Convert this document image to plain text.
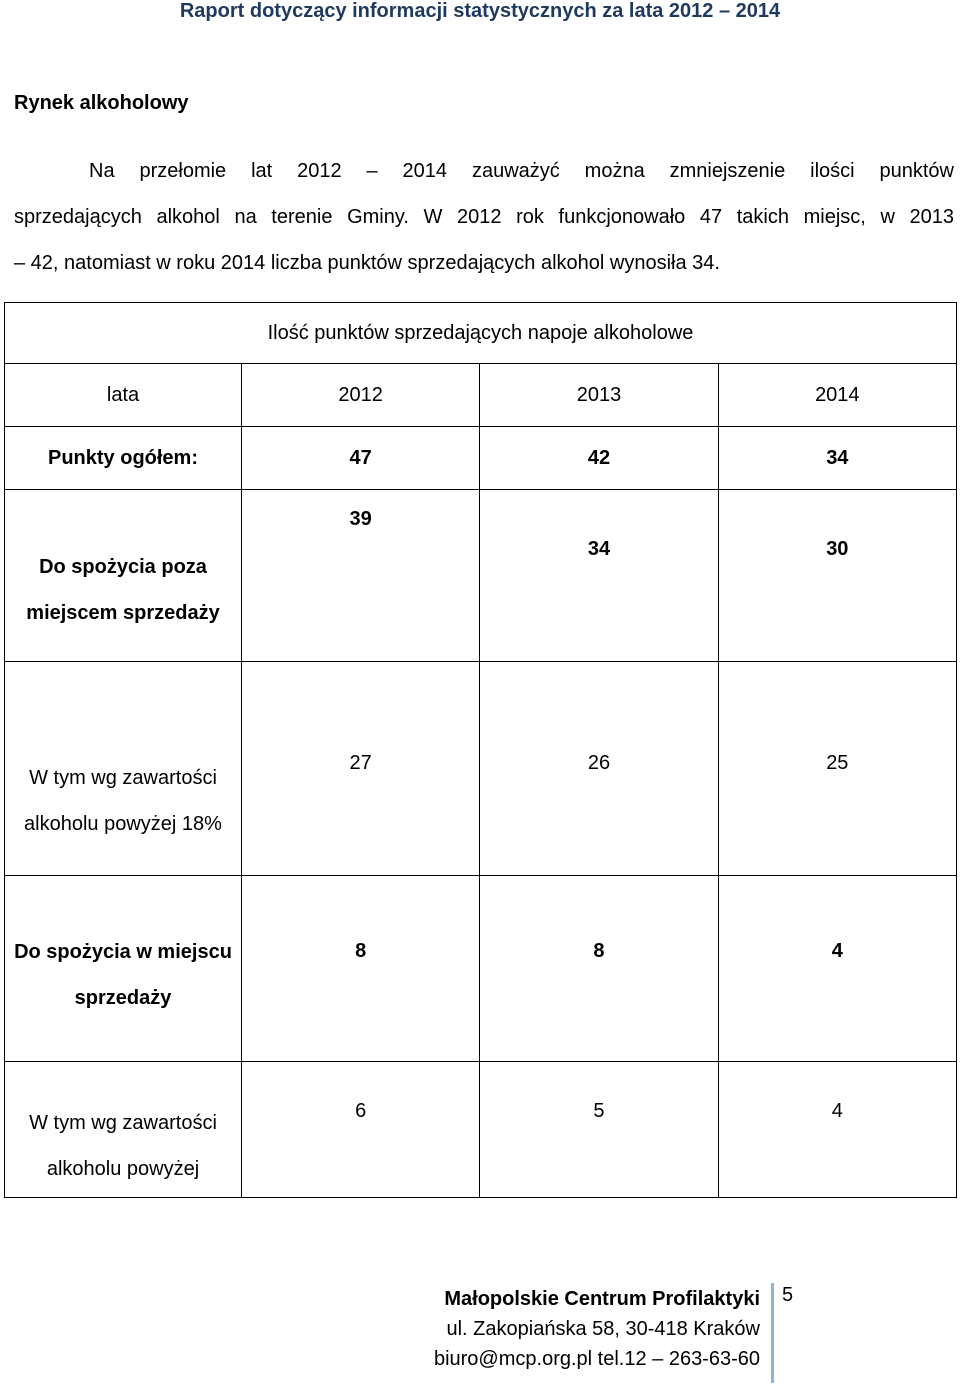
Raport dotyczący informacji statystycznych za lata 2012 – 2014
Rynek alkoholowy
Na przełomie lat 2012 – 2014 zauważyć można zmniejszenie ilości punktów
sprzedających alkohol na terenie Gminy. W 2012 rok funkcjonowało 47 takich miejsc, w 2013
– 42, natomiast w roku 2014 liczba punktów sprzedających alkohol wynosiła 34.
Ilość punktów sprzedających napoje alkoholowe			
lata	2012	2013	2014
Punkty ogółem:	47	42	34
Do spożycia poza miejscem sprzedaży	39	34	30
W tym wg zawartości alkoholu powyżej 18%	27	26	25
Do spożycia w miejscu sprzedaży	8	8	4
W tym wg zawartości alkoholu powyżej	6	5	4
Małopolskie Centrum Profilaktyki
ul. Zakopiańska 58, 30-418 Kraków
biuro@mcp.org.pl tel.12 – 263-63-60
5
